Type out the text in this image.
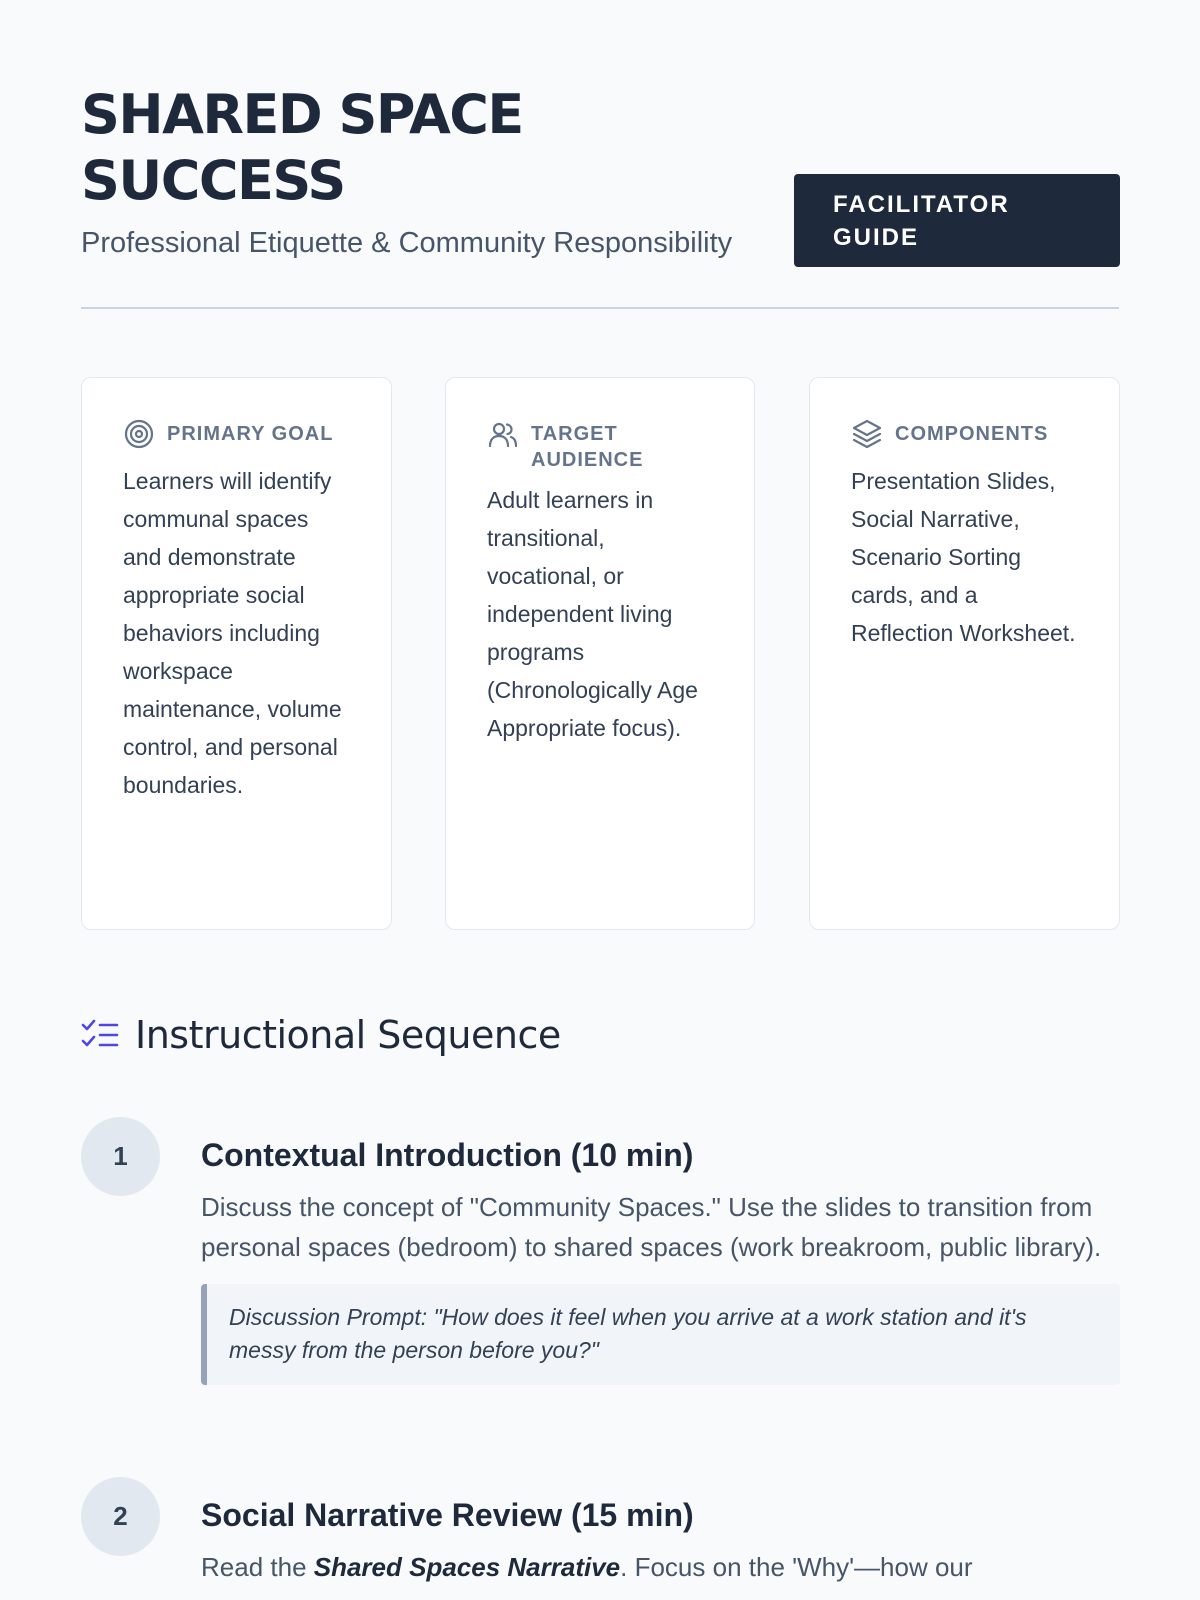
SHARED SPACE SUCCESS
Professional Etiquette & Community Responsibility
FACILITATOR GUIDE
PRIMARY GOAL
Learners will identify communal spaces and demonstrate appropriate social behaviors including workspace maintenance, volume control, and personal boundaries.
TARGET AUDIENCE
Adult learners in transitional, vocational, or independent living programs (Chronologically Age Appropriate focus).
COMPONENTS
Presentation Slides, Social Narrative, Scenario Sorting cards, and a Reflection Worksheet.
Instructional Sequence
1	Contextual Introduction (10 min)
Discuss the concept of "Community Spaces." Use the slides to transition from personal spaces (bedroom) to shared spaces (work breakroom, public library).
Discussion Prompt: "How does it feel when you arrive at a work station and it's messy from the person before you?"
2	Social Narrative Review (15 min)
Read the Shared Spaces Narrative. Focus on the 'Why'—how our
